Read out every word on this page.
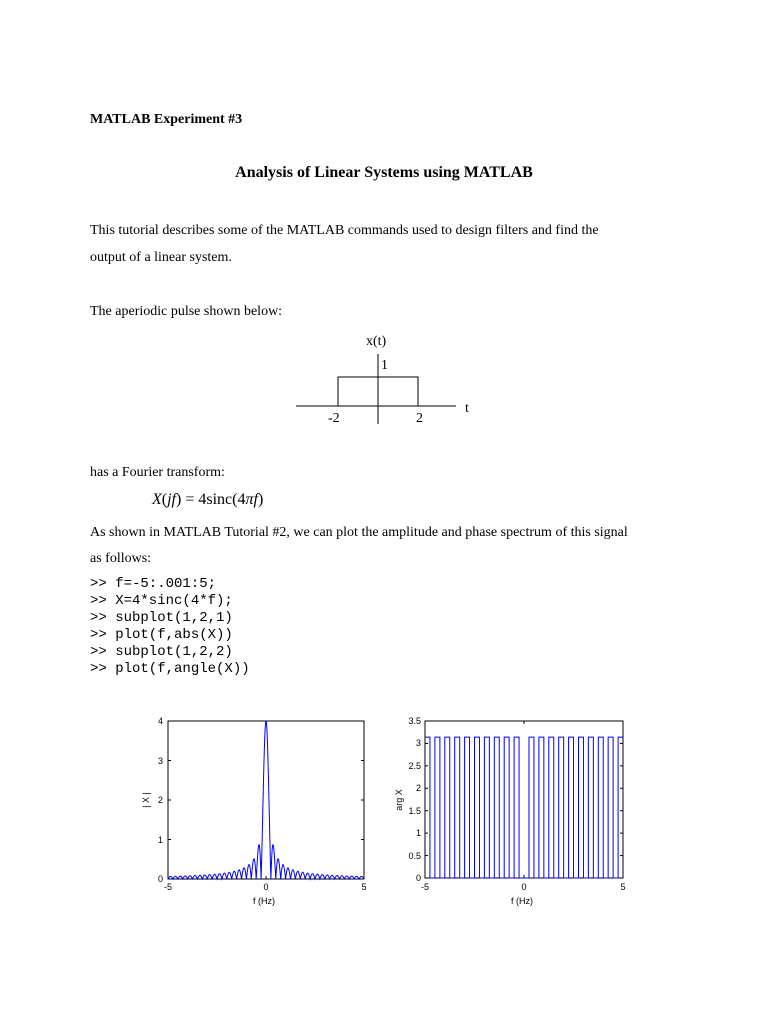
MATLAB Experiment #3
Analysis of Linear Systems using MATLAB
This tutorial describes some of the MATLAB commands used to design filters and find the
output of a linear system.
The aperiodic pulse shown below:
x(t)
1
t
-2	2
-5	0	5
0
1
2
3
4
f (Hz)
| X |
-5	0	5
0
0.5
1
1.5
2
2.5
3
3.5
f (Hz)
arg X
has a Fourier transform:
X(jf) = 4sinc(4πf)
As shown in MATLAB Tutorial #2, we can plot the amplitude and phase spectrum of this signal
as follows:
>> f=-5:.001:5;
>> X=4*sinc(4*f);
>> subplot(1,2,1)
>> plot(f,abs(X))
>> subplot(1,2,2)
>> plot(f,angle(X))
